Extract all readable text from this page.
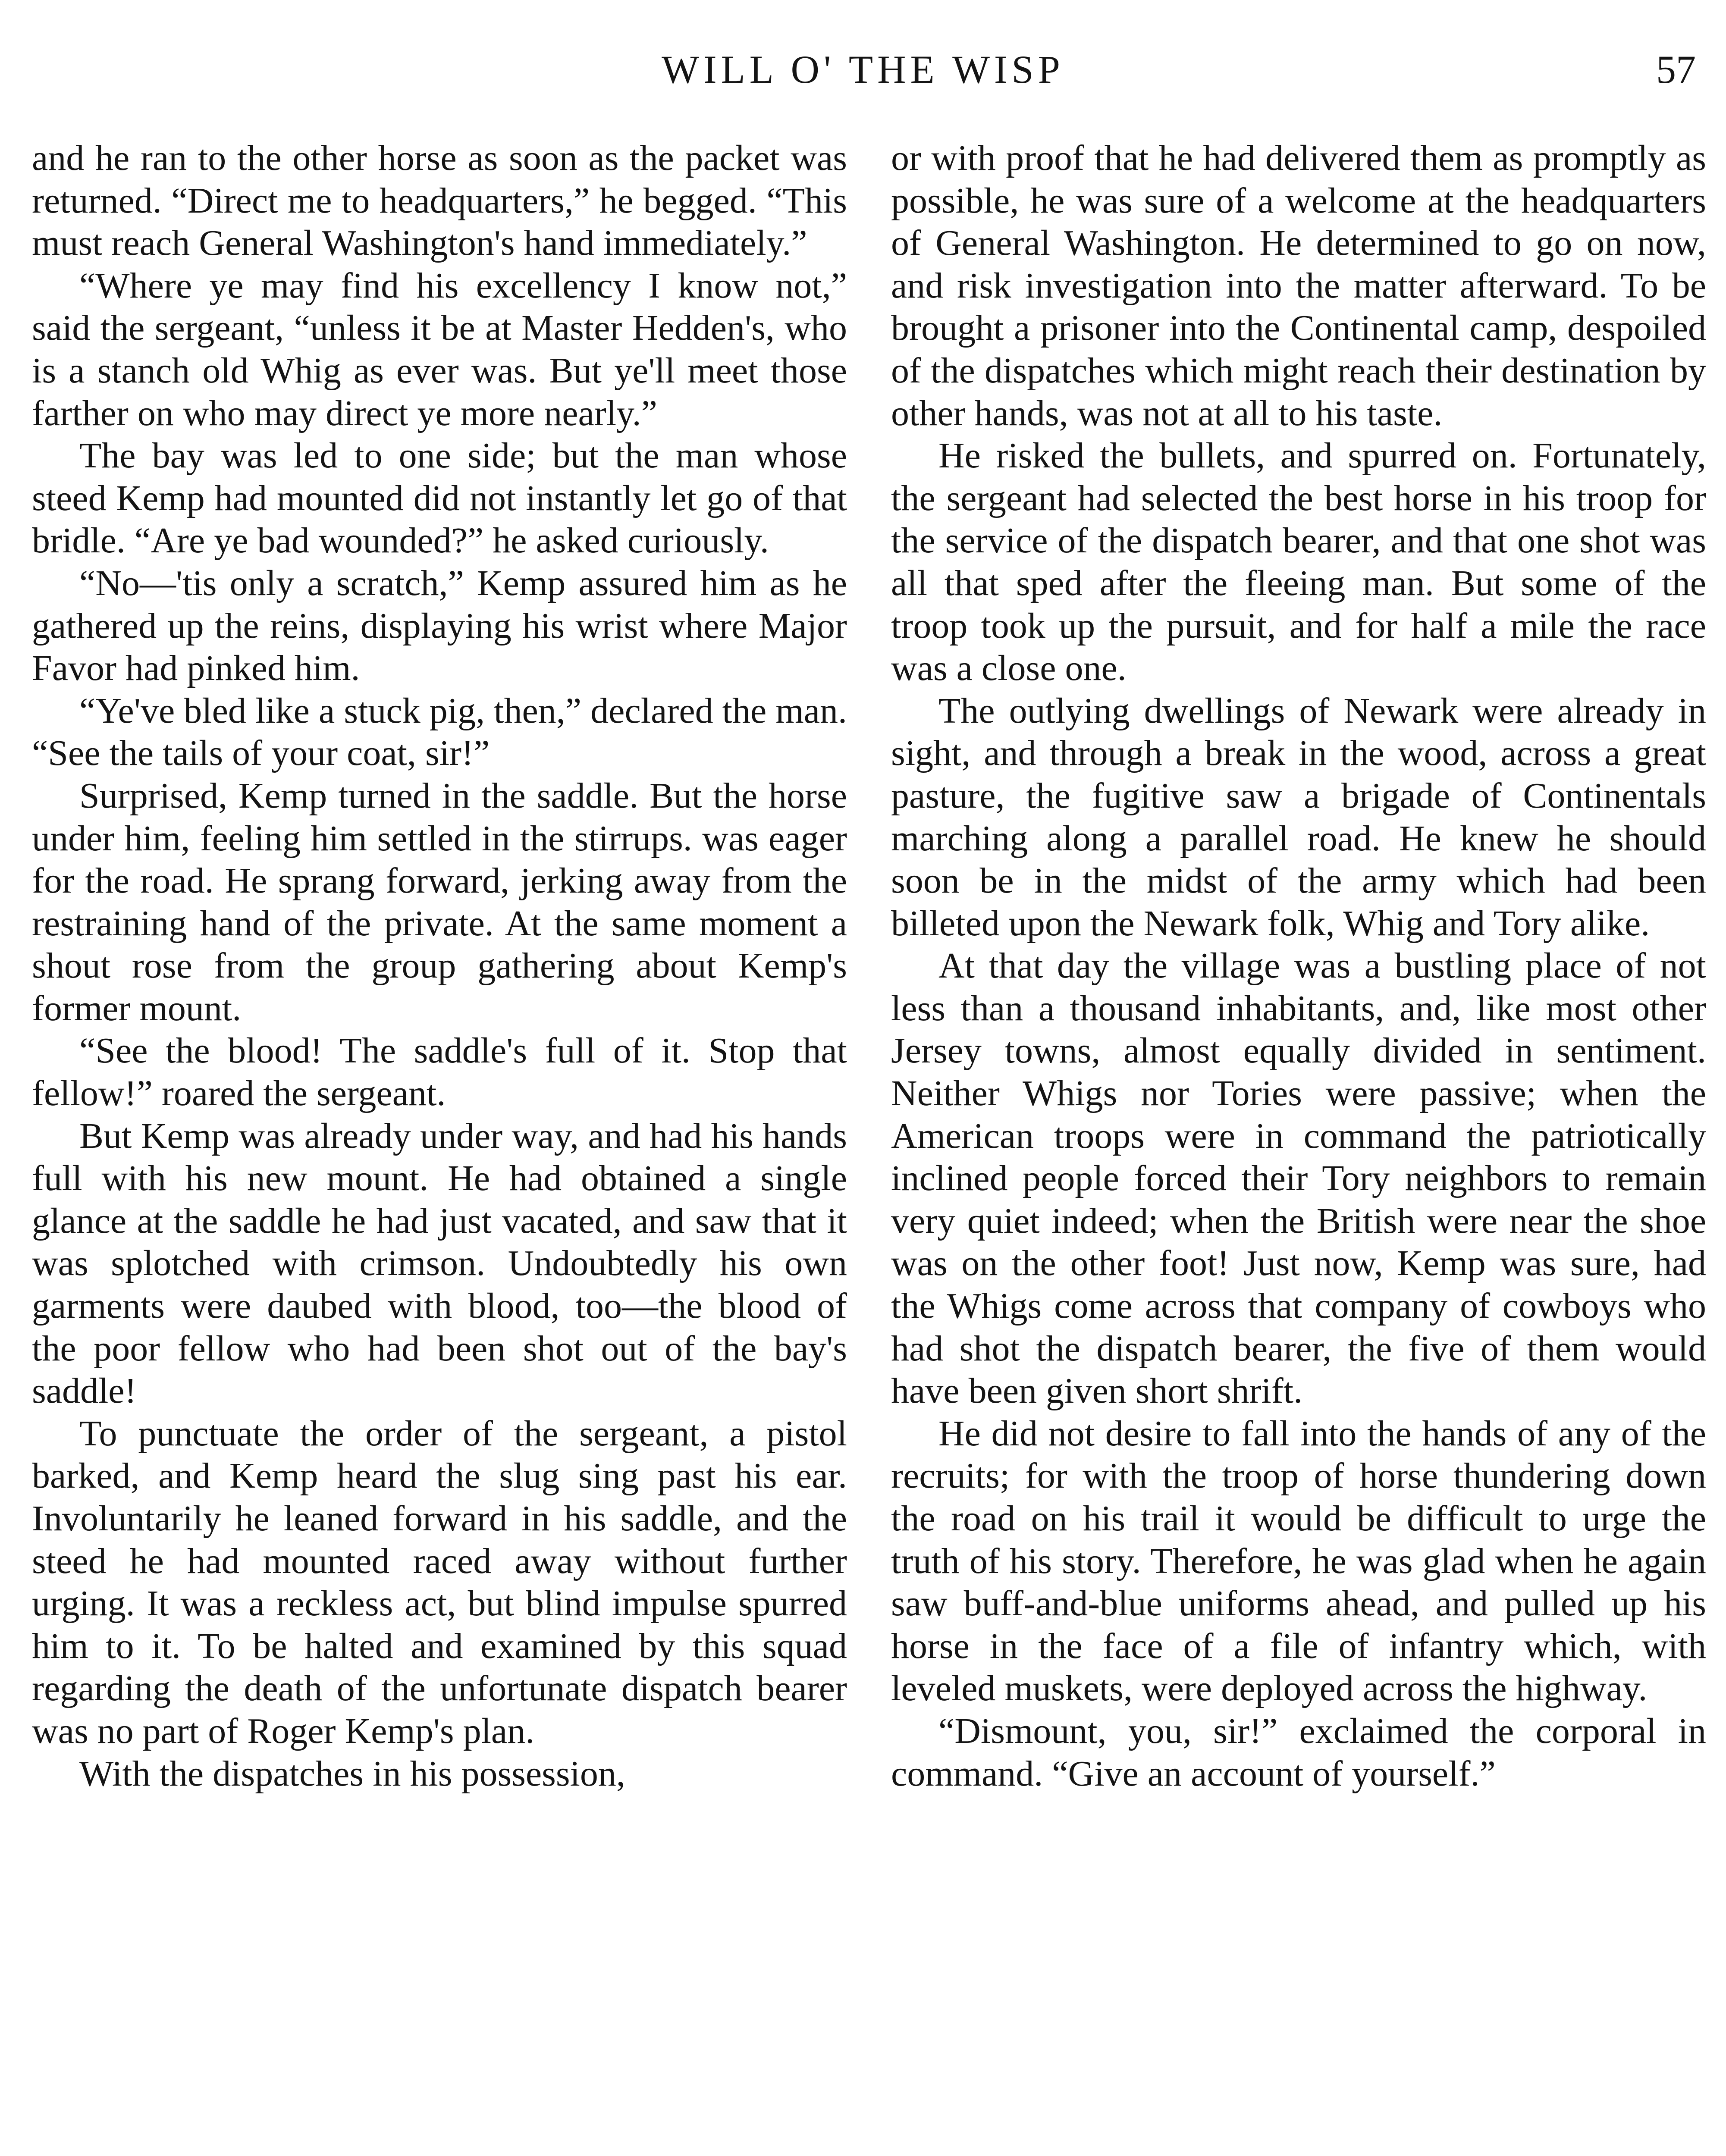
WILL O' THE WISP	57

and he ran to the other horse as soon as the packet was returned. “Direct me to headquarters,” he begged. “This must reach General Washington's hand immediately.”

“Where ye may find his excellency I know not,” said the sergeant, “unless it be at Master Hedden's, who is a stanch old Whig as ever was. But ye'll meet those farther on who may direct ye more nearly.”

The bay was led to one side; but the man whose steed Kemp had mounted did not instantly let go of that bridle. “Are ye bad wounded?” he asked curiously.

“No—'tis only a scratch,” Kemp assured him as he gathered up the reins, displaying his wrist where Major Favor had pinked him.

“Ye've bled like a stuck pig, then,” declared the man. “See the tails of your coat, sir!”

Surprised, Kemp turned in the saddle. But the horse under him, feeling him settled in the stirrups. was eager for the road. He sprang forward, jerking away from the restraining hand of the private. At the same moment a shout rose from the group gathering about Kemp's former mount.

“See the blood! The saddle's full of it. Stop that fellow!” roared the sergeant.

But Kemp was already under way, and had his hands full with his new mount. He had obtained a single glance at the saddle he had just vacated, and saw that it was splotched with crimson. Undoubtedly his own garments were daubed with blood, too—the blood of the poor fellow who had been shot out of the bay's saddle!

To punctuate the order of the sergeant, a pistol barked, and Kemp heard the slug sing past his ear. Involuntarily he leaned forward in his saddle, and the steed he had mounted raced away without further urging. It was a reckless act, but blind impulse spurred him to it. To be halted and examined by this squad regarding the death of the unfortunate dispatch bearer was no part of Roger Kemp's plan.

With the dispatches in his possession,

or with proof that he had delivered them as promptly as possible, he was sure of a welcome at the headquarters of General Washington. He determined to go on now, and risk investigation into the matter afterward. To be brought a prisoner into the Continental camp, despoiled of the dispatches which might reach their destination by other hands, was not at all to his taste.

He risked the bullets, and spurred on. Fortunately, the sergeant had selected the best horse in his troop for the service of the dispatch bearer, and that one shot was all that sped after the fleeing man. But some of the troop took up the pursuit, and for half a mile the race was a close one.

The outlying dwellings of Newark were already in sight, and through a break in the wood, across a great pasture, the fugitive saw a brigade of Continentals marching along a parallel road. He knew he should soon be in the midst of the army which had been billeted upon the Newark folk, Whig and Tory alike.

At that day the village was a bustling place of not less than a thousand inhabitants, and, like most other Jersey towns, almost equally divided in sentiment. Neither Whigs nor Tories were passive; when the American troops were in command the patriotically inclined people forced their Tory neighbors to remain very quiet indeed; when the British were near the shoe was on the other foot! Just now, Kemp was sure, had the Whigs come across that company of cowboys who had shot the dispatch bearer, the five of them would have been given short shrift.

He did not desire to fall into the hands of any of the recruits; for with the troop of horse thundering down the road on his trail it would be difficult to urge the truth of his story. Therefore, he was glad when he again saw buff-and-blue uniforms ahead, and pulled up his horse in the face of a file of infantry which, with leveled muskets, were deployed across the highway.

“Dismount, you, sir!” exclaimed the corporal in command. “Give an account of yourself.”
